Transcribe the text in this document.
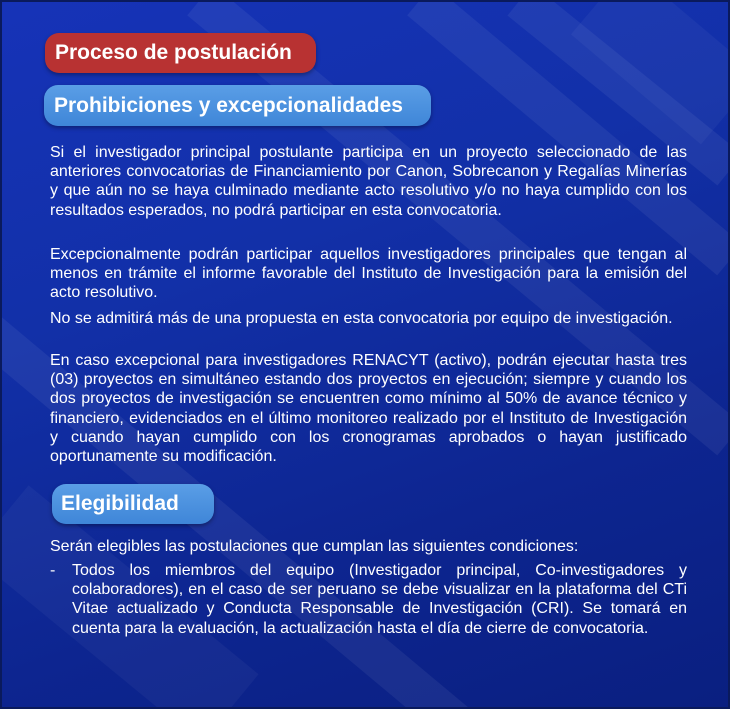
Proceso de postulación
Prohibiciones y excepcionalidades

Si el investigador principal postulante participa en un proyecto seleccionado de las anteriores convocatorias de Financiamiento por Canon, Sobrecanon y Regalías Minerías y que aún no se haya culminado mediante acto resolutivo y/o no haya cumplido con los resultados esperados, no podrá participar en esta convocatoria.

Excepcionalmente podrán participar aquellos investigadores principales que tengan al menos en trámite el informe favorable del Instituto de Investigación para la emisión del acto resolutivo.

No se admitirá más de una propuesta en esta convocatoria por equipo de investigación.

En caso excepcional para investigadores RENACYT (activo), podrán ejecutar hasta tres (03) proyectos en simultáneo estando dos proyectos en ejecución; siempre y cuando los dos proyectos de investigación se encuentren como mínimo al 50% de avance técnico y financiero, evidenciados en el último monitoreo realizado por el Instituto de Investigación y cuando hayan cumplido con los cronogramas aprobados o hayan justificado oportunamente su modificación.

Elegibilidad

Serán elegibles las postulaciones que cumplan las siguientes condiciones:

- Todos los miembros del equipo (Investigador principal, Co-investigadores y colaboradores), en el caso de ser peruano se debe visualizar en la plataforma del CTi Vitae actualizado y Conducta Responsable de Investigación (CRI). Se tomará en cuenta para la evaluación, la actualización hasta el día de cierre de convocatoria.
